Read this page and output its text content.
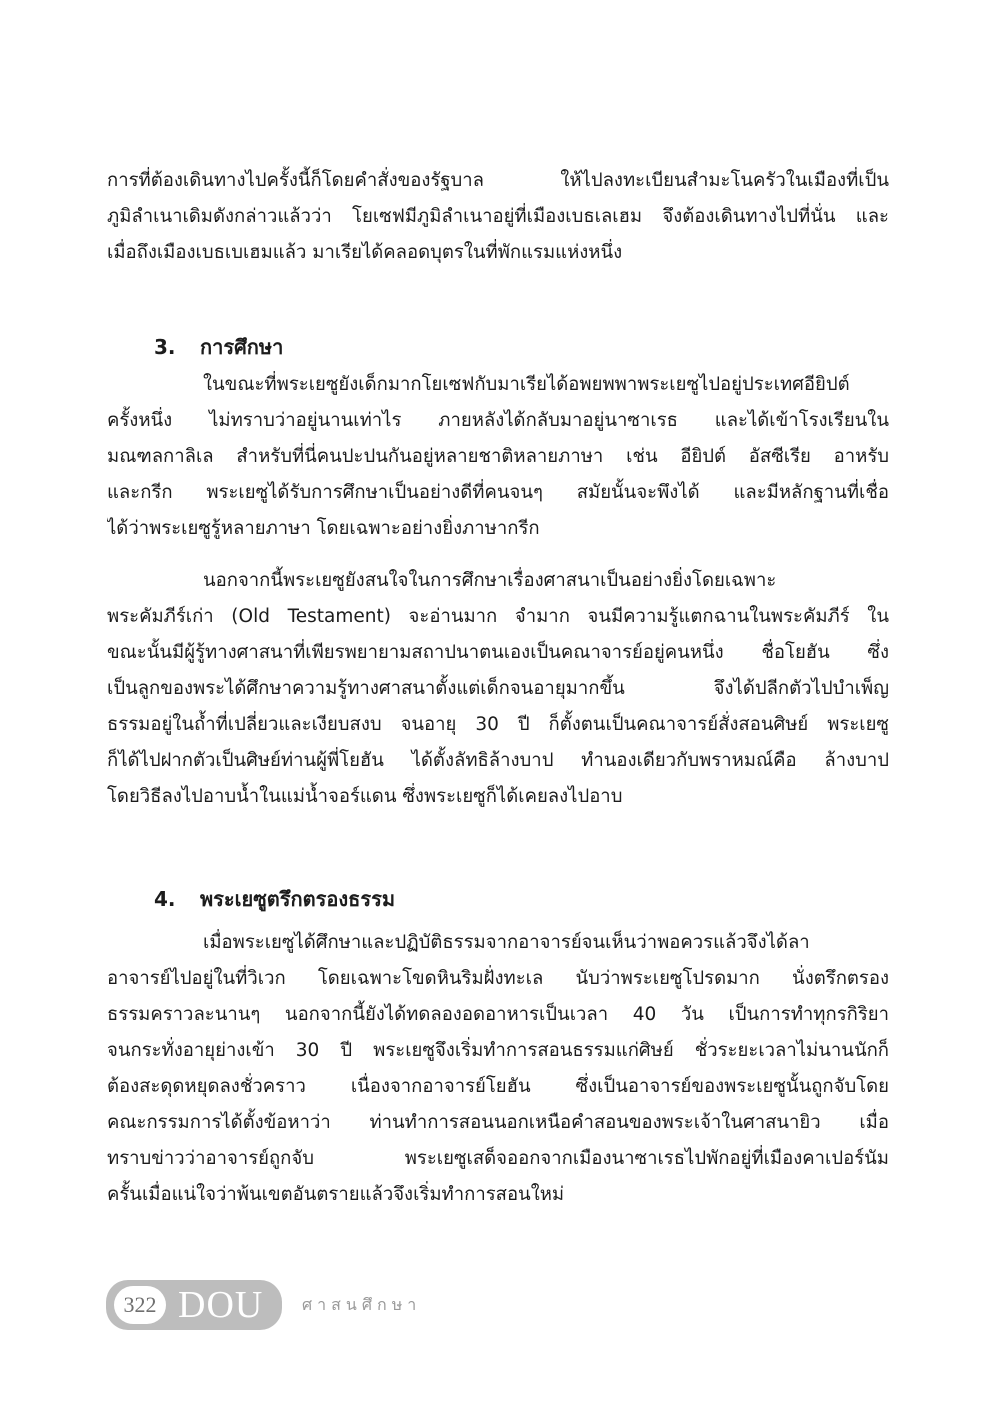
การที่ต้องเดินทางไปครั้งนี้ก็โดยคำสั่งของรัฐบาล ให้ไปลงทะเบียนสำมะโนครัวในเมืองที่เป็น
ภูมิลำเนาเดิมดังกล่าวแล้วว่า โยเซฟมีภูมิลำเนาอยู่ที่เมืองเบธเลเฮม จึงต้องเดินทางไปที่นั่น และ
เมื่อถึงเมืองเบธเบเฮมแล้ว มาเรียได้คลอดบุตรในที่พักแรมแห่งหนึ่ง
3. การศึกษา
ในขณะที่พระเยซูยังเด็กมากโยเซฟกับมาเรียได้อพยพพาพระเยซูไปอยู่ประเทศอียิปต์
ครั้งหนึ่ง ไม่ทราบว่าอยู่นานเท่าไร ภายหลังได้กลับมาอยู่นาซาเรธ และได้เข้าโรงเรียนใน
มณฑลกาลิเล สำหรับที่นี่คนปะปนกันอยู่หลายชาติหลายภาษา เช่น อียิปต์ อัสซีเรีย อาหรับ
และกรีก พระเยซูได้รับการศึกษาเป็นอย่างดีที่คนจนๆ สมัยนั้นจะพึงได้ และมีหลักฐานที่เชื่อ
ได้ว่าพระเยซูรู้หลายภาษา โดยเฉพาะอย่างยิ่งภาษากรีก
นอกจากนี้พระเยซูยังสนใจในการศึกษาเรื่องศาสนาเป็นอย่างยิ่งโดยเฉพาะ
พระคัมภีร์เก่า (Old Testament) จะอ่านมาก จำมาก จนมีความรู้แตกฉานในพระคัมภีร์ ใน
ขณะนั้นมีผู้รู้ทางศาสนาที่เพียรพยายามสถาปนาตนเองเป็นคณาจารย์อยู่คนหนึ่ง ชื่อโยฮัน ซึ่ง
เป็นลูกของพระได้ศึกษาความรู้ทางศาสนาตั้งแต่เด็กจนอายุมากขึ้น จึงได้ปลีกตัวไปบำเพ็ญ
ธรรมอยู่ในถ้ำที่เปลี่ยวและเงียบสงบ จนอายุ 30 ปี ก็ตั้งตนเป็นคณาจารย์สั่งสอนศิษย์ พระเยซู
ก็ได้ไปฝากตัวเป็นศิษย์ท่านผู้พี่โยฮัน ได้ตั้งลัทธิล้างบาป ทำนองเดียวกับพราหมณ์คือ ล้างบาป
โดยวิธีลงไปอาบน้ำในแม่น้ำจอร์แดน ซึ่งพระเยซูก็ได้เคยลงไปอาบ
4. พระเยซูตรึกตรองธรรม
เมื่อพระเยซูได้ศึกษาและปฏิบัติธรรมจากอาจารย์จนเห็นว่าพอควรแล้วจึงได้ลา
อาจารย์ไปอยู่ในที่วิเวก โดยเฉพาะโขดหินริมฝั่งทะเล นับว่าพระเยซูโปรดมาก นั่งตรึกตรอง
ธรรมคราวละนานๆ นอกจากนี้ยังได้ทดลองอดอาหารเป็นเวลา 40 วัน เป็นการทำทุกรกิริยา
จนกระทั่งอายุย่างเข้า 30 ปี พระเยซูจึงเริ่มทำการสอนธรรมแก่ศิษย์ ชั่วระยะเวลาไม่นานนักก็
ต้องสะดุดหยุดลงชั่วคราว เนื่องจากอาจารย์โยฮัน ซึ่งเป็นอาจารย์ของพระเยซูนั้นถูกจับโดย
คณะกรรมการได้ตั้งข้อหาว่า ท่านทำการสอนนอกเหนือคำสอนของพระเจ้าในศาสนายิว เมื่อ
ทราบข่าวว่าอาจารย์ถูกจับ พระเยซูเสด็จออกจากเมืองนาซาเรธไปพักอยู่ที่เมืองคาเปอร์นัม
ครั้นเมื่อแน่ใจว่าพ้นเขตอันตรายแล้วจึงเริ่มทำการสอนใหม่
322 DOU ศาสนศึกษา
